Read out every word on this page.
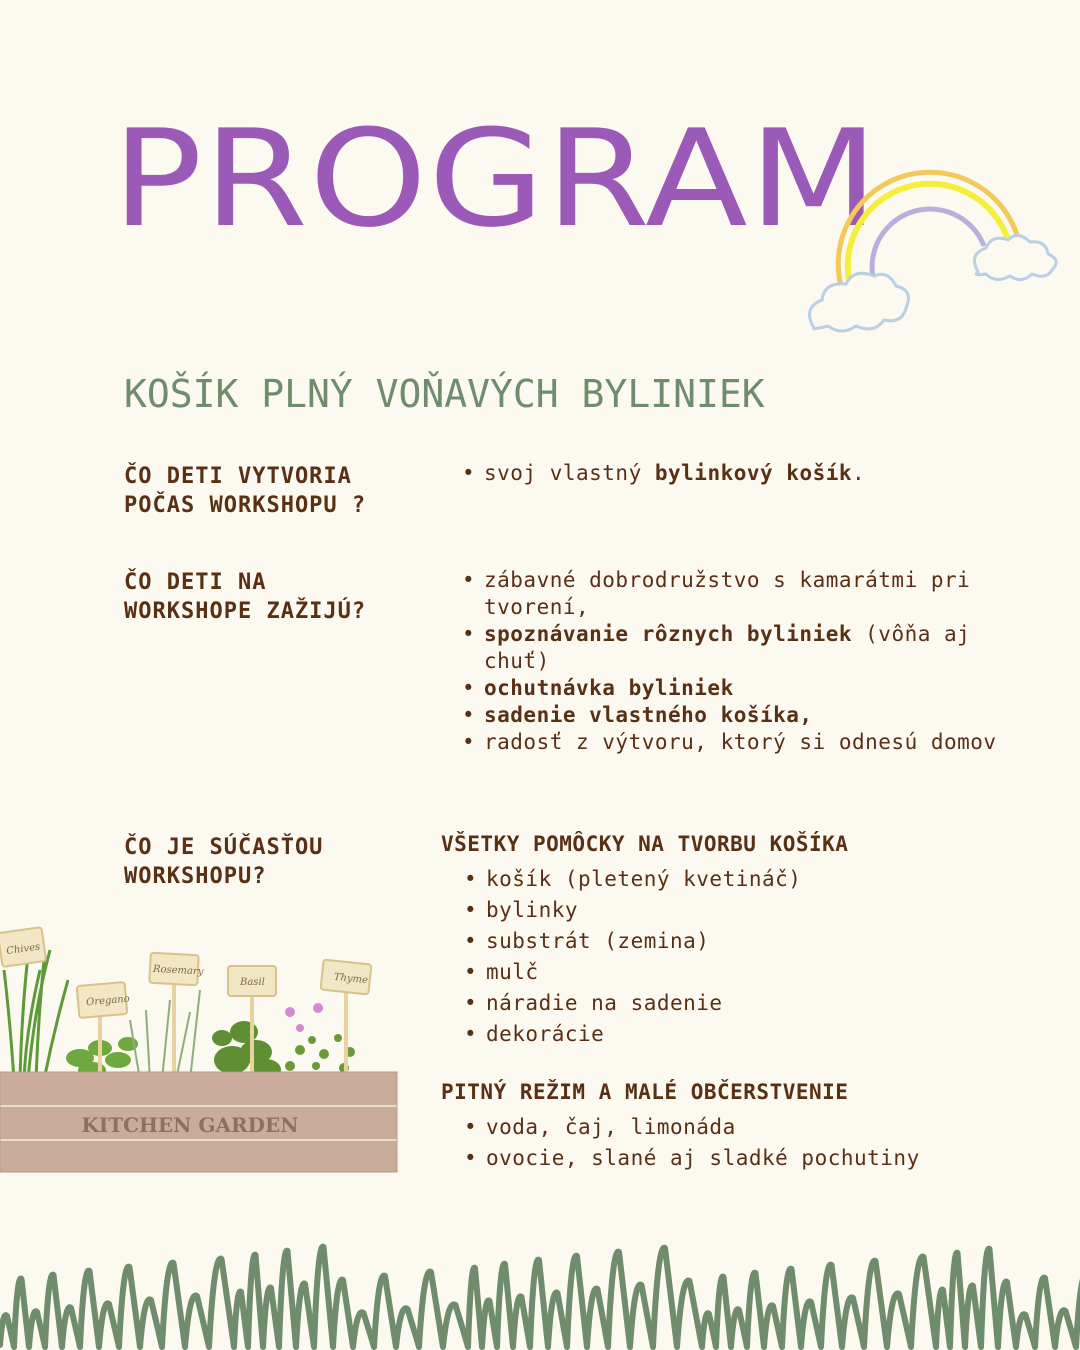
PROGRAM
KOŠÍK PLNÝ VOŇAVÝCH BYLINIEK
ČO DETI VYTVORIA
POČAS WORKSHOPU ?
• svoj vlastný bylinkový košík.
ČO DETI NA
WORKSHOPE ZAŽIJÚ?
• zábavné dobrodružstvo s kamarátmi pri tvorení,
• spoznávanie rôznych byliniek (vôňa aj chuť)
• ochutnávka byliniek
• sadenie vlastného košíka,
• radosť z výtvoru, ktorý si odnesú domov
ČO JE SÚČASŤOU
WORKSHOPU?
VŠETKY POMÔCKY NA TVORBU KOŠÍKA
• košík (pletený kvetináč)
• bylinky
• substrát (zemina)
• mulč
• náradie na sadenie
• dekorácie
PITNÝ REŽIM A MALÉ OBČERSTVENIE
• voda, čaj, limonáda
• ovocie, slané aj sladké pochutiny
Chives
Oregano
Rosemary
Basil	Thyme
KITCHEN GARDEN
